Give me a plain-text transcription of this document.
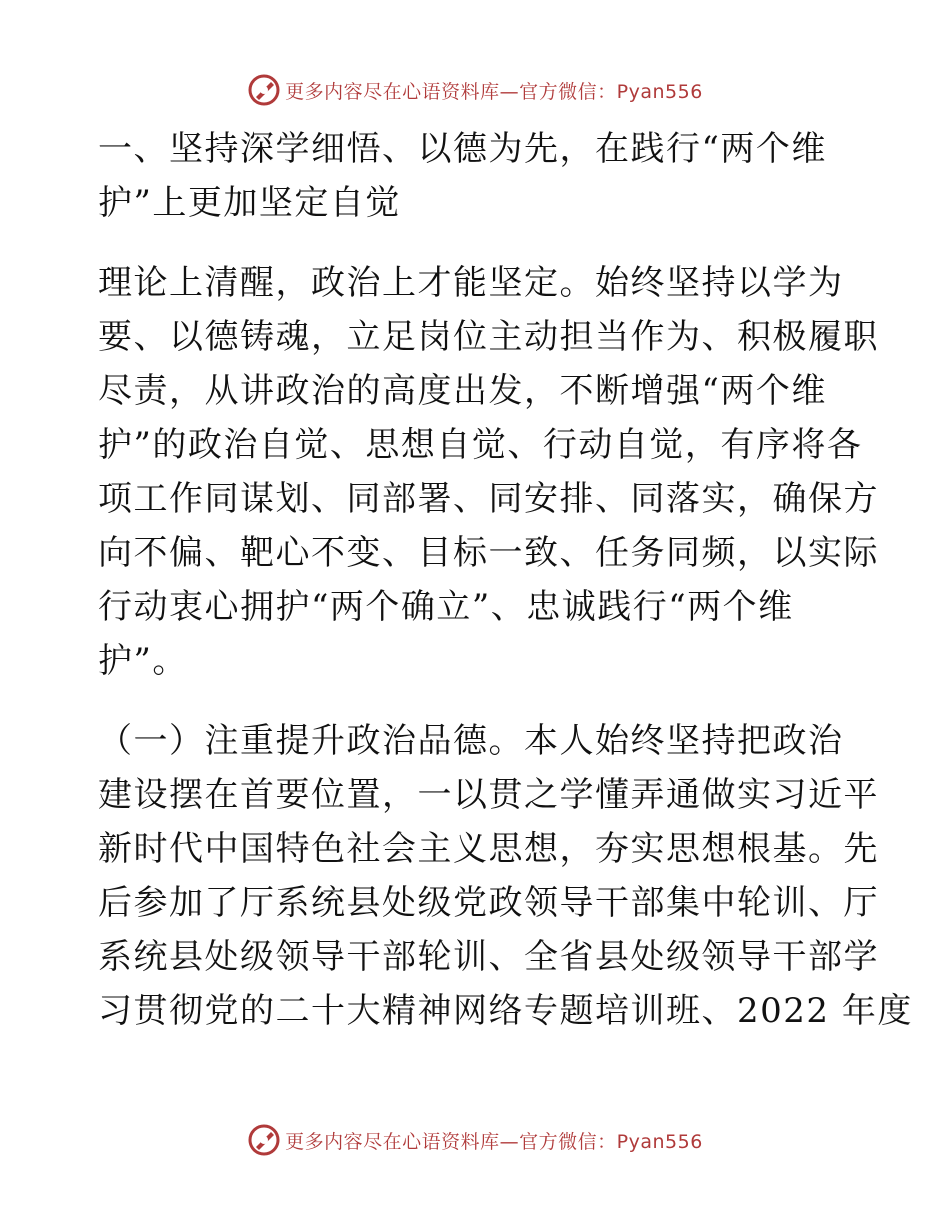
更多内容尽在心语资料库—官方微信：Pyan556
一、坚持深学细悟、以德为先，在践行“两个维
护”上更加坚定自觉
理论上清醒，政治上才能坚定。始终坚持以学为
要、以德铸魂，立足岗位主动担当作为、积极履职
尽责，从讲政治的高度出发，不断增强“两个维
护”的政治自觉、思想自觉、行动自觉，有序将各
项工作同谋划、同部署、同安排、同落实，确保方
向不偏、靶心不变、目标一致、任务同频，以实际
行动衷心拥护“两个确立”、忠诚践行“两个维
护”。
（一）注重提升政治品德。本人始终坚持把政治
建设摆在首要位置，一以贯之学懂弄通做实习近平
新时代中国特色社会主义思想，夯实思想根基。先
后参加了厅系统县处级党政领导干部集中轮训、厅
系统县处级领导干部轮训、全省县处级领导干部学
习贯彻党的二十大精神网络专题培训班、2022 年度
更多内容尽在心语资料库—官方微信：Pyan556
